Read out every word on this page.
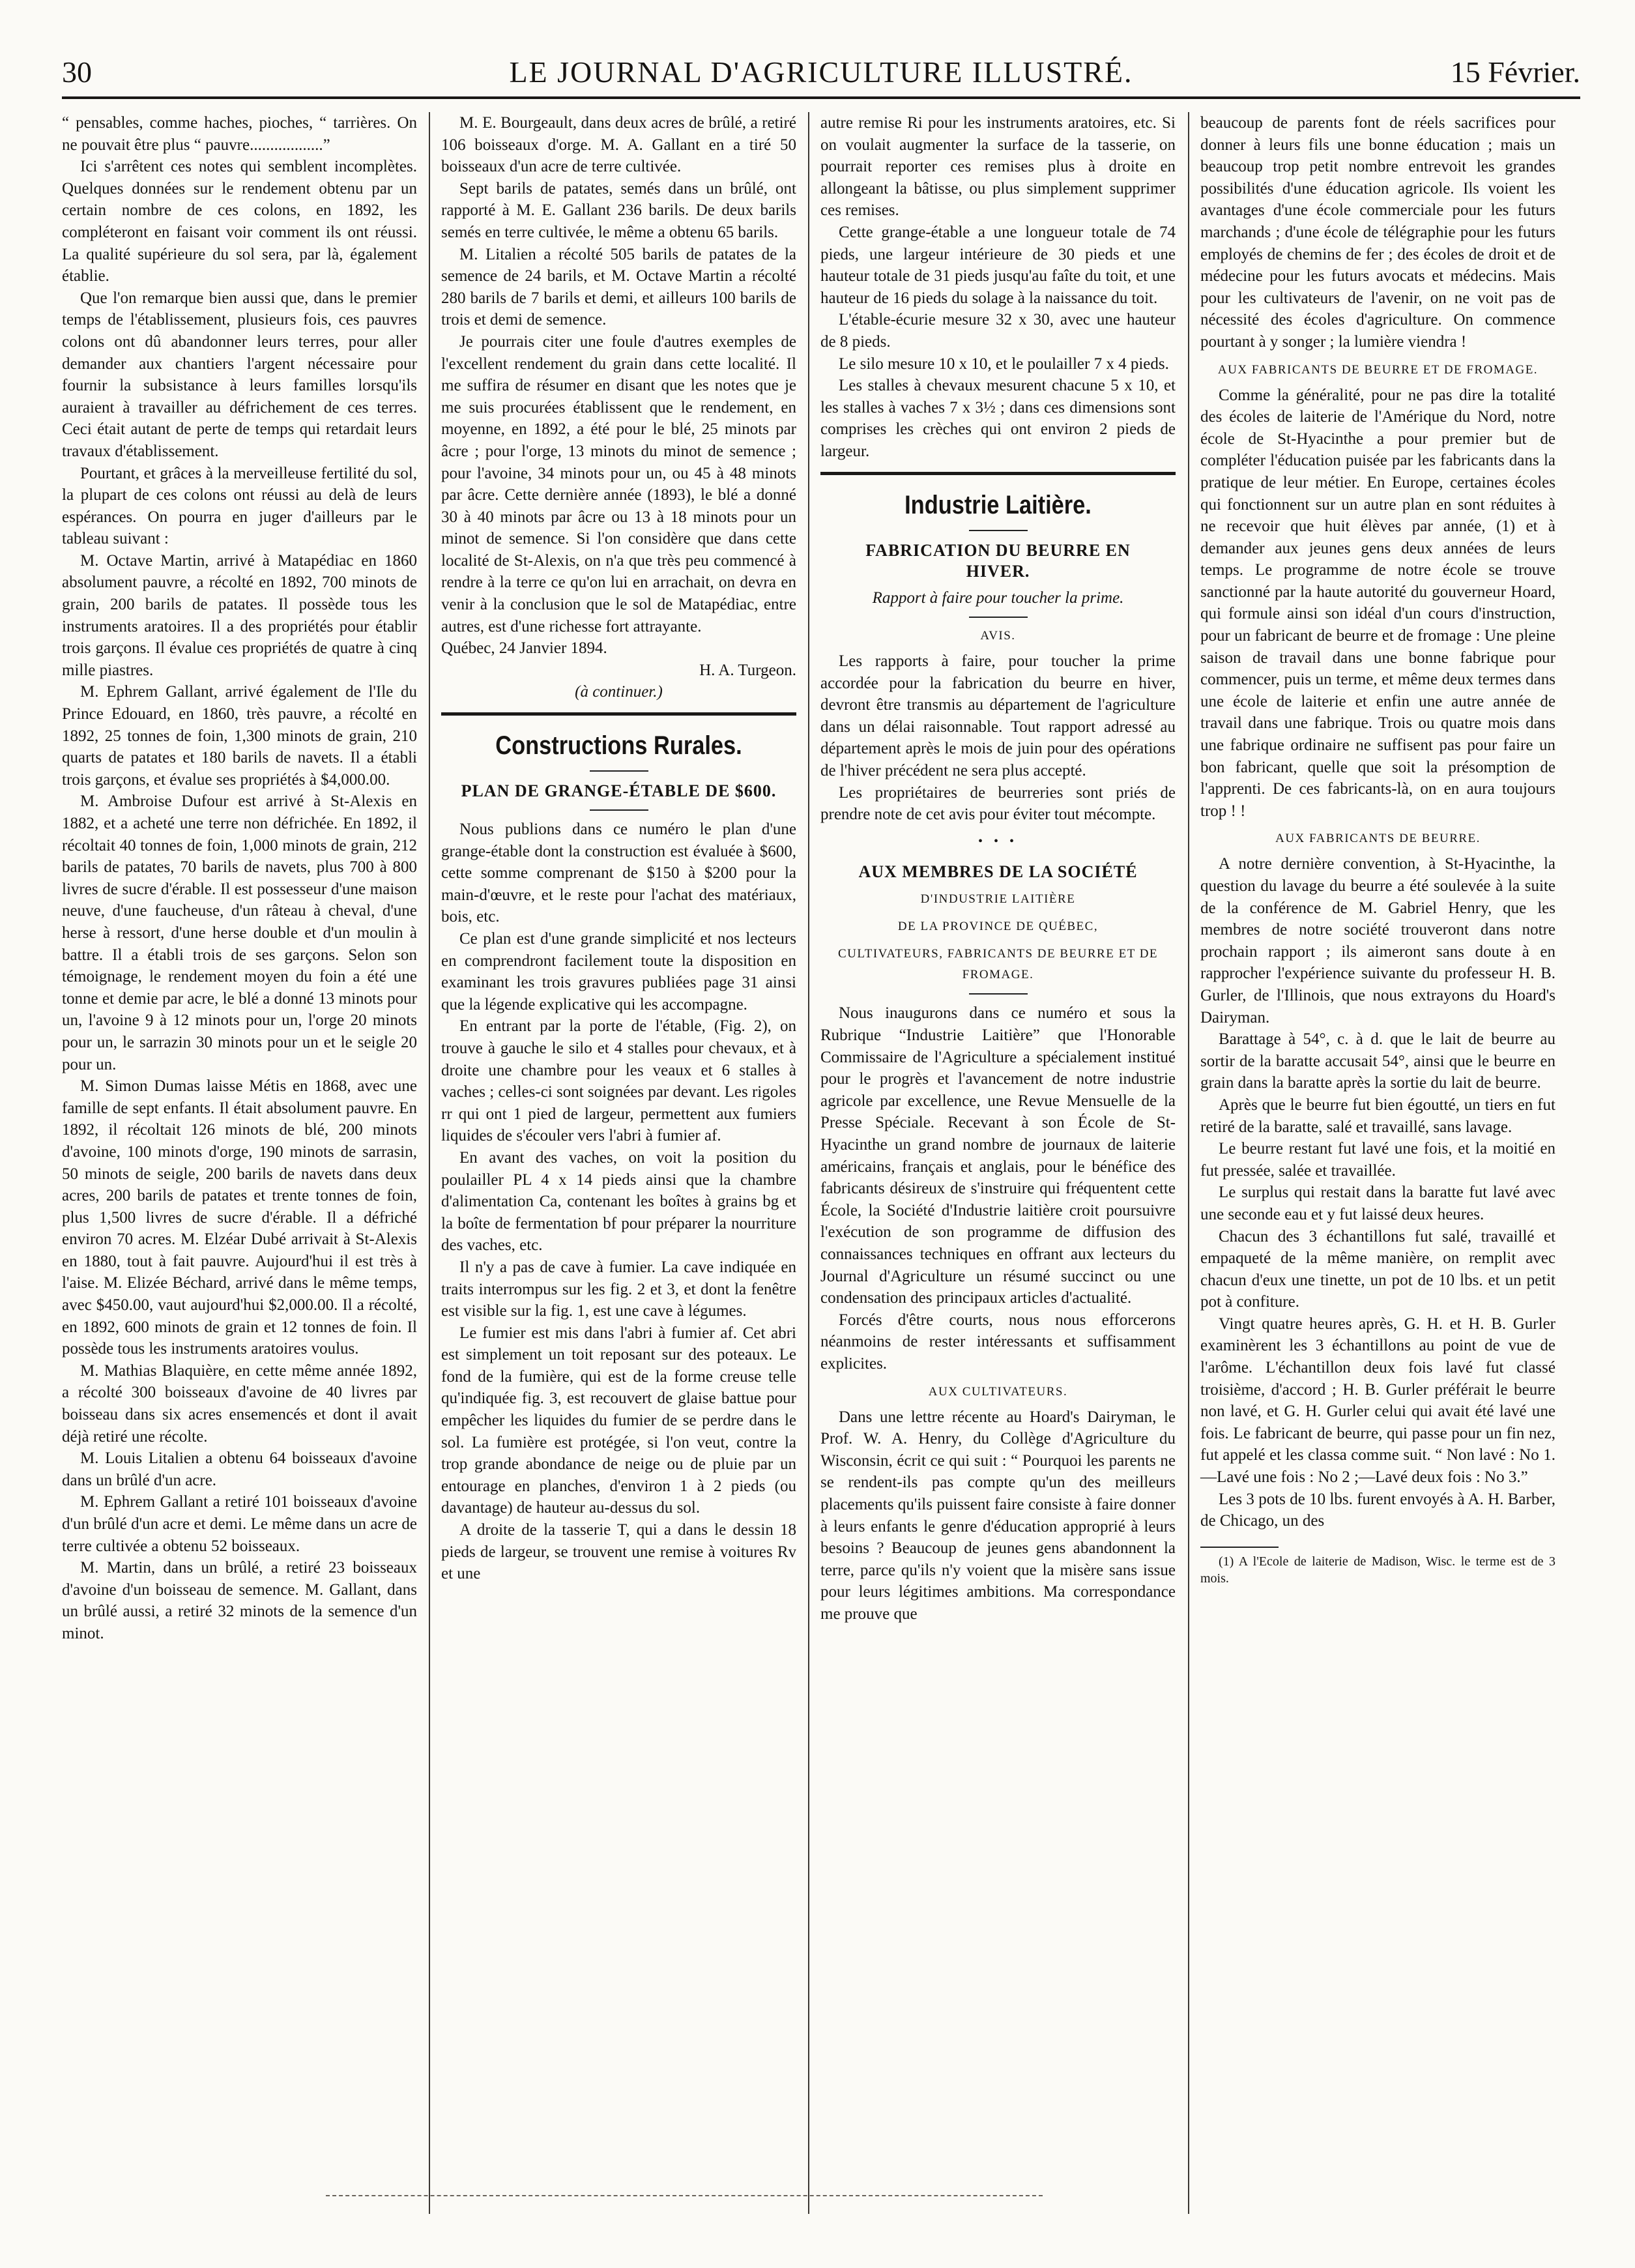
30	LE JOURNAL D'AGRICULTURE ILLUSTRÉ.	15 Février.

“ pensables, comme haches, pioches, “ tarrières. On ne pouvait être plus “ pauvre..................”

Ici s'arrêtent ces notes qui semblent incomplètes. Quelques données sur le rendement obtenu par un certain nombre de ces colons, en 1892, les compléteront en faisant voir comment ils ont réussi. La qualité supérieure du sol sera, par là, également établie.

Que l'on remarque bien aussi que, dans le premier temps de l'établissement, plusieurs fois, ces pauvres colons ont dû abandonner leurs terres, pour aller demander aux chantiers l'argent nécessaire pour fournir la subsistance à leurs familles lorsqu'ils auraient à travailler au défrichement de ces terres. Ceci était autant de perte de temps qui retardait leurs travaux d'établissement.

Pourtant, et grâces à la merveilleuse fertilité du sol, la plupart de ces colons ont réussi au delà de leurs espérances. On pourra en juger d'ailleurs par le tableau suivant :

M. Octave Martin, arrivé à Matapédiac en 1860 absolument pauvre, a récolté en 1892, 700 minots de grain, 200 barils de patates. Il possède tous les instruments aratoires. Il a des propriétés pour établir trois garçons. Il évalue ces propriétés de quatre à cinq mille piastres.

M. Ephrem Gallant, arrivé également de l'Ile du Prince Edouard, en 1860, très pauvre, a récolté en 1892, 25 tonnes de foin, 1,300 minots de grain, 210 quarts de patates et 180 barils de navets. Il a établi trois garçons, et évalue ses propriétés à $4,000.00.

M. Ambroise Dufour est arrivé à St-Alexis en 1882, et a acheté une terre non défrichée. En 1892, il récoltait 40 tonnes de foin, 1,000 minots de grain, 212 barils de patates, 70 barils de navets, plus 700 à 800 livres de sucre d'érable. Il est possesseur d'une maison neuve, d'une faucheuse, d'un râteau à cheval, d'une herse à ressort, d'une herse double et d'un moulin à battre. Il a établi trois de ses garçons. Selon son témoignage, le rendement moyen du foin a été une tonne et demie par acre, le blé a donné 13 minots pour un, l'avoine 9 à 12 minots pour un, l'orge 20 minots pour un, le sarrazin 30 minots pour un et le seigle 20 pour un.

M. Simon Dumas laisse Métis en 1868, avec une famille de sept enfants. Il était absolument pauvre. En 1892, il récoltait 126 minots de blé, 200 minots d'avoine, 100 minots d'orge, 190 minots de sarrasin, 50 minots de seigle, 200 barils de navets dans deux acres, 200 barils de patates et trente tonnes de foin, plus 1,500 livres de sucre d'érable. Il a défriché environ 70 acres. M. Elzéar Dubé arrivait à St-Alexis en 1880, tout à fait pauvre. Aujourd'hui il est très à l'aise. M. Elizée Béchard, arrivé dans le même temps, avec $450.00, vaut aujourd'hui $2,000.00. Il a récolté, en 1892, 600 minots de grain et 12 tonnes de foin. Il possède tous les instruments aratoires voulus.

M. Mathias Blaquière, en cette même année 1892, a récolté 300 boisseaux d'avoine de 40 livres par boisseau dans six acres ensemencés et dont il avait déjà retiré une récolte.

M. Louis Litalien a obtenu 64 boisseaux d'avoine dans un brûlé d'un acre.

M. Ephrem Gallant a retiré 101 boisseaux d'avoine d'un brûlé d'un acre et demi. Le même dans un acre de terre cultivée a obtenu 52 boisseaux.

M. Martin, dans un brûlé, a retiré 23 boisseaux d'avoine d'un boisseau de semence. M. Gallant, dans un brûlé aussi, a retiré 32 minots de la semence d'un minot.

M. E. Bourgeault, dans deux acres de brûlé, a retiré 106 boisseaux d'orge. M. A. Gallant en a tiré 50 boisseaux d'un acre de terre cultivée.

Sept barils de patates, semés dans un brûlé, ont rapporté à M. E. Gallant 236 barils. De deux barils semés en terre cultivée, le même a obtenu 65 barils.

M. Litalien a récolté 505 barils de patates de la semence de 24 barils, et M. Octave Martin a récolté 280 barils de 7 barils et demi, et ailleurs 100 barils de trois et demi de semence.

Je pourrais citer une foule d'autres exemples de l'excellent rendement du grain dans cette localité. Il me suffira de résumer en disant que les notes que je me suis procurées établissent que le rendement, en moyenne, en 1892, a été pour le blé, 25 minots par âcre ; pour l'orge, 13 minots du minot de semence ; pour l'avoine, 34 minots pour un, ou 45 à 48 minots par âcre. Cette dernière année (1893), le blé a donné 30 à 40 minots par âcre ou 13 à 18 minots pour un minot de semence. Si l'on considère que dans cette localité de St-Alexis, on n'a que très peu commencé à rendre à la terre ce qu'on lui en arrachait, on devra en venir à la conclusion que le sol de Matapédiac, entre autres, est d'une richesse fort attrayante.

Québec, 24 Janvier 1894.

H. A. Turgeon.

(à continuer.)

Constructions Rurales.
PLAN DE GRANGE-ÉTABLE DE $600.

Nous publions dans ce numéro le plan d'une grange-étable dont la construction est évaluée à $600, cette somme comprenant de $150 à $200 pour la main-d'œuvre, et le reste pour l'achat des matériaux, bois, etc.

Ce plan est d'une grande simplicité et nos lecteurs en comprendront facilement toute la disposition en examinant les trois gravures publiées page 31 ainsi que la légende explicative qui les accompagne.

En entrant par la porte de l'étable, (Fig. 2), on trouve à gauche le silo et 4 stalles pour chevaux, et à droite une chambre pour les veaux et 6 stalles à vaches ; celles-ci sont soignées par devant. Les rigoles rr qui ont 1 pied de largeur, permettent aux fumiers liquides de s'écouler vers l'abri à fumier af.

En avant des vaches, on voit la position du poulailler PL 4 x 14 pieds ainsi que la chambre d'alimentation Ca, contenant les boîtes à grains bg et la boîte de fermentation bf pour préparer la nourriture des vaches, etc.

Il n'y a pas de cave à fumier. La cave indiquée en traits interrompus sur les fig. 2 et 3, et dont la fenêtre est visible sur la fig. 1, est une cave à légumes.

Le fumier est mis dans l'abri à fumier af. Cet abri est simplement un toit reposant sur des poteaux. Le fond de la fumière, qui est de la forme creuse telle qu'indiquée fig. 3, est recouvert de glaise battue pour empêcher les liquides du fumier de se perdre dans le sol. La fumière est protégée, si l'on veut, contre la trop grande abondance de neige ou de pluie par un entourage en planches, d'environ 1 à 2 pieds (ou davantage) de hauteur au-dessus du sol.

A droite de la tasserie T, qui a dans le dessin 18 pieds de largeur, se trouvent une remise à voitures Rv et une

autre remise Ri pour les instruments aratoires, etc. Si on voulait augmenter la surface de la tasserie, on pourrait reporter ces remises plus à droite en allongeant la bâtisse, ou plus simplement supprimer ces remises.

Cette grange-étable a une longueur totale de 74 pieds, une largeur intérieure de 30 pieds et une hauteur totale de 31 pieds jusqu'au faîte du toit, et une hauteur de 16 pieds du solage à la naissance du toit.

L'étable-écurie mesure 32 x 30, avec une hauteur de 8 pieds.

Le silo mesure 10 x 10, et le poulailler 7 x 4 pieds.

Les stalles à chevaux mesurent chacune 5 x 10, et les stalles à vaches 7 x 3½ ; dans ces dimensions sont comprises les crèches qui ont environ 2 pieds de largeur.

Industrie Laitière.
FABRICATION DU BEURRE EN HIVER.

Rapport à faire pour toucher la prime.

AVIS.

Les rapports à faire, pour toucher la prime accordée pour la fabrication du beurre en hiver, devront être transmis au département de l'agriculture dans un délai raisonnable. Tout rapport adressé au département après le mois de juin pour des opérations de l'hiver précédent ne sera plus accepté.

Les propriétaires de beurreries sont priés de prendre note de cet avis pour éviter tout mécompte.

• • •
AUX MEMBRES DE LA SOCIÉTÉ
D'INDUSTRIE LAITIÈRE
DE LA PROVINCE DE QUÉBEC,
CULTIVATEURS, FABRICANTS DE BEURRE ET DE FROMAGE.

Nous inaugurons dans ce numéro et sous la Rubrique “Industrie Laitière” que l'Honorable Commissaire de l'Agriculture a spécialement institué pour le progrès et l'avancement de notre industrie agricole par excellence, une Revue Mensuelle de la Presse Spéciale. Recevant à son École de St-Hyacinthe un grand nombre de journaux de laiterie américains, français et anglais, pour le bénéfice des fabricants désireux de s'instruire qui fréquentent cette École, la Société d'Industrie laitière croit poursuivre l'exécution de son programme de diffusion des connaissances techniques en offrant aux lecteurs du Journal d'Agriculture un résumé succinct ou une condensation des principaux articles d'actualité.

Forcés d'être courts, nous nous efforcerons néanmoins de rester intéressants et suffisamment explicites.

AUX CULTIVATEURS.

Dans une lettre récente au Hoard's Dairyman, le Prof. W. A. Henry, du Collège d'Agriculture du Wisconsin, écrit ce qui suit : “ Pourquoi les parents ne se rendent-ils pas compte qu'un des meilleurs placements qu'ils puissent faire consiste à faire donner à leurs enfants le genre d'éducation approprié à leurs besoins ? Beaucoup de jeunes gens abandonnent la terre, parce qu'ils n'y voient que la misère sans issue pour leurs légitimes ambitions. Ma correspondance me prouve que

beaucoup de parents font de réels sacrifices pour donner à leurs fils une bonne éducation ; mais un beaucoup trop petit nombre entrevoit les grandes possibilités d'une éducation agricole. Ils voient les avantages d'une école commerciale pour les futurs marchands ; d'une école de télégraphie pour les futurs employés de chemins de fer ; des écoles de droit et de médecine pour les futurs avocats et médecins. Mais pour les cultivateurs de l'avenir, on ne voit pas de nécessité des écoles d'agriculture. On commence pourtant à y songer ; la lumière viendra !

AUX FABRICANTS DE BEURRE ET DE FROMAGE.

Comme la généralité, pour ne pas dire la totalité des écoles de laiterie de l'Amérique du Nord, notre école de St-Hyacinthe a pour premier but de compléter l'éducation puisée par les fabricants dans la pratique de leur métier. En Europe, certaines écoles qui fonctionnent sur un autre plan en sont réduites à ne recevoir que huit élèves par année, (1) et à demander aux jeunes gens deux années de leurs temps. Le programme de notre école se trouve sanctionné par la haute autorité du gouverneur Hoard, qui formule ainsi son idéal d'un cours d'instruction, pour un fabricant de beurre et de fromage : Une pleine saison de travail dans une bonne fabrique pour commencer, puis un terme, et même deux termes dans une école de laiterie et enfin une autre année de travail dans une fabrique. Trois ou quatre mois dans une fabrique ordinaire ne suffisent pas pour faire un bon fabricant, quelle que soit la présomption de l'apprenti. De ces fabricants-là, on en aura toujours trop ! !

AUX FABRICANTS DE BEURRE.

A notre dernière convention, à St-Hyacinthe, la question du lavage du beurre a été soulevée à la suite de la conférence de M. Gabriel Henry, que les membres de notre société trouveront dans notre prochain rapport ; ils aimeront sans doute à en rapprocher l'expérience suivante du professeur H. B. Gurler, de l'Illinois, que nous extrayons du Hoard's Dairyman.

Barattage à 54°, c. à d. que le lait de beurre au sortir de la baratte accusait 54°, ainsi que le beurre en grain dans la baratte après la sortie du lait de beurre.

Après que le beurre fut bien égoutté, un tiers en fut retiré de la baratte, salé et travaillé, sans lavage.

Le beurre restant fut lavé une fois, et la moitié en fut pressée, salée et travaillée.

Le surplus qui restait dans la baratte fut lavé avec une seconde eau et y fut laissé deux heures.

Chacun des 3 échantillons fut salé, travaillé et empaqueté de la même manière, on remplit avec chacun d'eux une tinette, un pot de 10 lbs. et un petit pot à confiture.

Vingt quatre heures après, G. H. et H. B. Gurler examinèrent les 3 échantillons au point de vue de l'arôme. L'échantillon deux fois lavé fut classé troisième, d'accord ; H. B. Gurler préférait le beurre non lavé, et G. H. Gurler celui qui avait été lavé une fois. Le fabricant de beurre, qui passe pour un fin nez, fut appelé et les classa comme suit. “ Non lavé : No 1.—Lavé une fois : No 2 ;—Lavé deux fois : No 3.”

Les 3 pots de 10 lbs. furent envoyés à A. H. Barber, de Chicago, un des

(1) A l'Ecole de laiterie de Madison, Wisc. le terme est de 3 mois.
